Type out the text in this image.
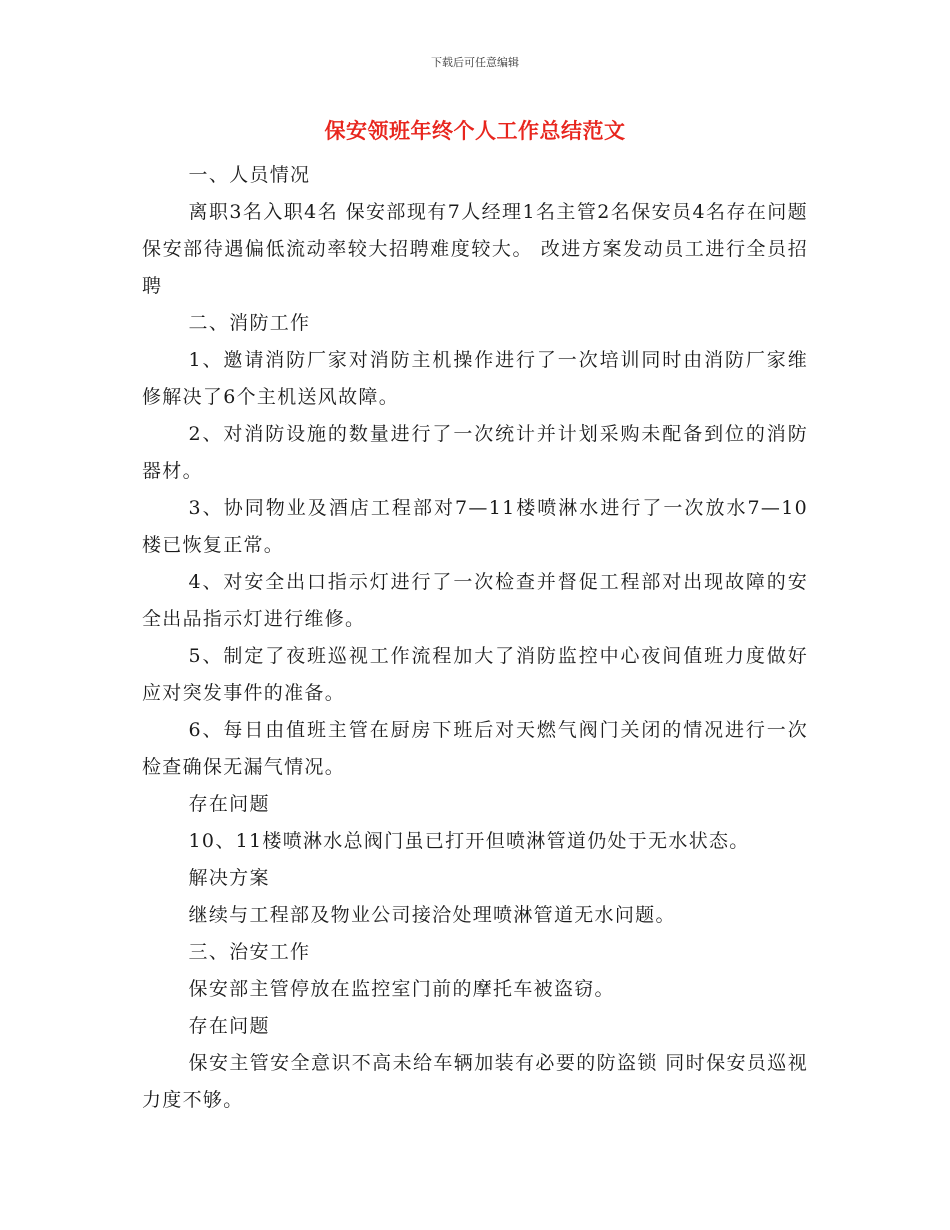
下载后可任意编辑
保安领班年终个人工作总结范文

一、人员情况

离职3名入职4名 保安部现有7人经理1名主管2名保安员4名存在问题保安部待遇偏低流动率较大招聘难度较大。 改进方案发动员工进行全员招聘

二、消防工作

1、邀请消防厂家对消防主机操作进行了一次培训同时由消防厂家维修解决了6个主机送风故障。

2、对消防设施的数量进行了一次统计并计划采购未配备到位的消防器材。

3、协同物业及酒店工程部对7—11楼喷淋水进行了一次放水7—10楼已恢复正常。

4、对安全出口指示灯进行了一次检查并督促工程部对出现故障的安全出品指示灯进行维修。

5、制定了夜班巡视工作流程加大了消防监控中心夜间值班力度做好应对突发事件的准备。

6、每日由值班主管在厨房下班后对天燃气阀门关闭的情况进行一次检查确保无漏气情况。

存在问题

10、11楼喷淋水总阀门虽已打开但喷淋管道仍处于无水状态。

解决方案

继续与工程部及物业公司接洽处理喷淋管道无水问题。

三、治安工作

保安部主管停放在监控室门前的摩托车被盗窃。

存在问题

保安主管安全意识不高未给车辆加装有必要的防盗锁 同时保安员巡视力度不够。
